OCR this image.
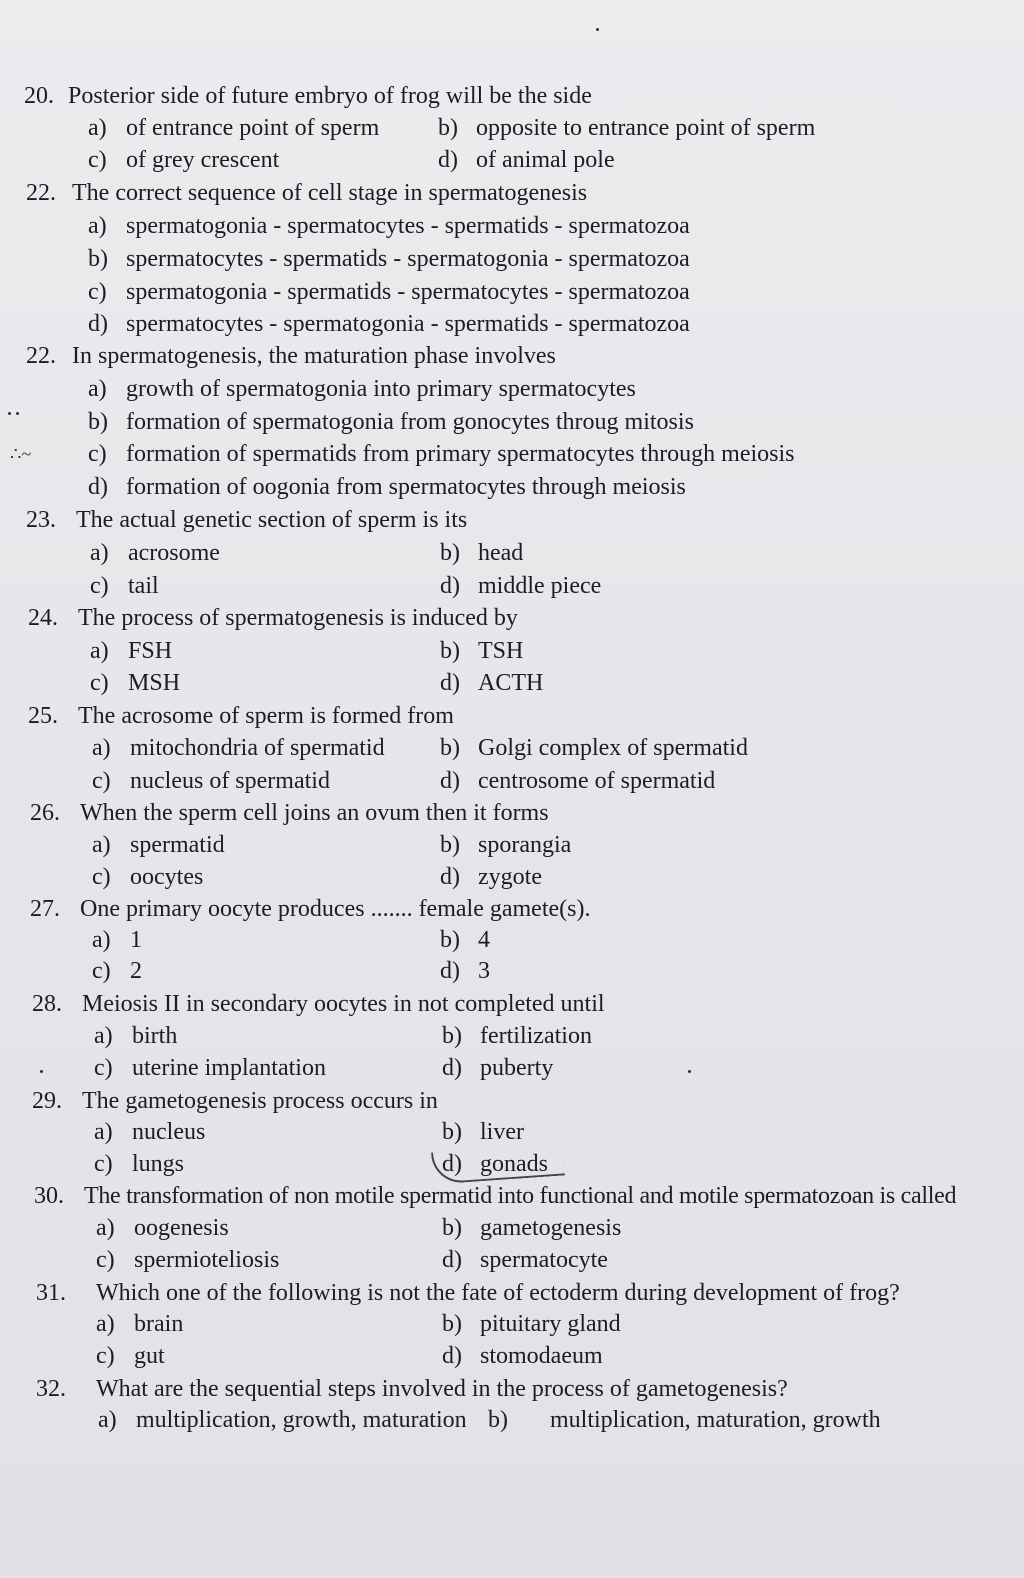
20. Posterior side of future embryo of frog will be the side
a) of entrance point of sperm b) opposite to entrance point of sperm
c) of grey crescent	d) of animal pole
22. The correct sequence of cell stage in spermatogenesis
a) spermatogonia - spermatocytes - spermatids - spermatozoa
b) spermatocytes - spermatids - spermatogonia - spermatozoa
c) spermatogonia - spermatids - spermatocytes - spermatozoa
d) spermatocytes - spermatogonia - spermatids - spermatozoa
22. In spermatogenesis, the maturation phase involves
a) growth of spermatogonia into primary spermatocytes
b) formation of spermatogonia from gonocytes throug mitosis
c) formation of spermatids from primary spermatocytes through meiosis
d) formation of oogonia from spermatocytes through meiosis
23. The actual genetic section of sperm is its
a) acrosome	b) head
c) tail	d) middle piece
24. The process of spermatogenesis is induced by
a) FSH	b) TSH
c) MSH	d) ACTH
25. The acrosome of sperm is formed from
a) mitochondria of spermatid b) Golgi complex of spermatid
c) nucleus of spermatid	d) centrosome of spermatid
26. When the sperm cell joins an ovum then it forms
a) spermatid	b) sporangia
c) oocytes	d) zygote
27. One primary oocyte produces ....... female gamete(s).
a) 1	b) 4
c) 2	d) 3
28. Meiosis II in secondary oocytes in not completed until
a) birth	b) fertilization
c) uterine implantation	d) puberty
29. The gametogenesis process occurs in
a) nucleus	b) liver
c) lungs	d) gonads
30. The transformation of non motile spermatid into functional and motile spermatozoan is called
a) oogenesis	b) gametogenesis
c) spermioteliosis	d) spermatocyte
31. Which one of the following is not the fate of ectoderm during development of frog?
a) brain	b) pituitary gland
c) gut	d) stomodaeum
32. What are the sequential steps involved in the process of gametogenesis?
a) multiplication, growth, maturation b) multiplication, maturation, growth
∴~
